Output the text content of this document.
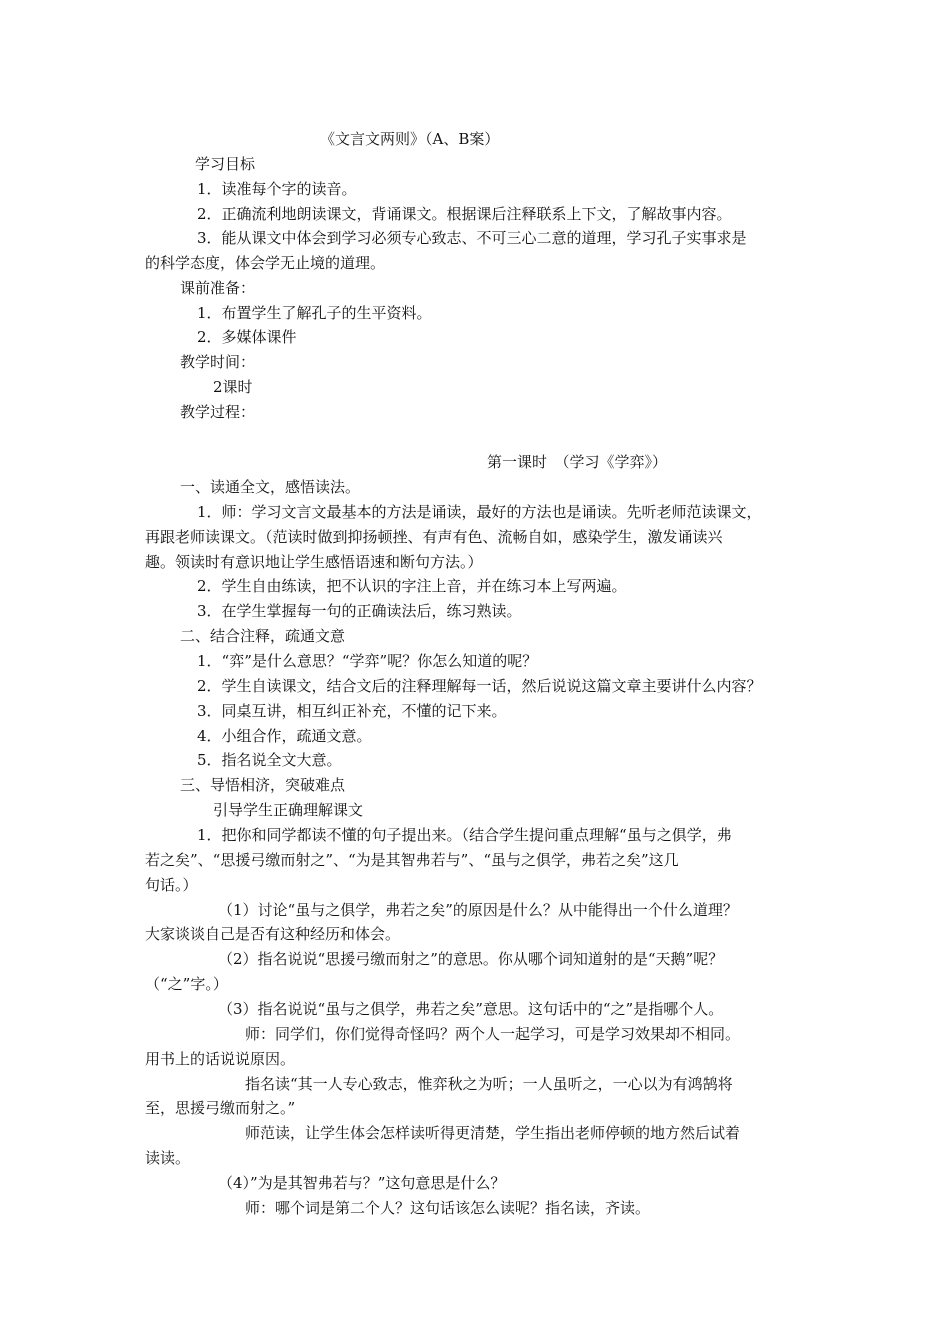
《文言文两则》（A、B案）
学习目标
1．读准每个字的读音。
2．正确流利地朗读课文，背诵课文。根据课后注释联系上下文，了解故事内容。
3．能从课文中体会到学习必须专心致志、不可三心二意的道理，学习孔子实事求是
的科学态度，体会学无止境的道理。
课前准备：
1．布置学生了解孔子的生平资料。
2．多媒体课件
教学时间：
2课时
教学过程：
第一课时　（学习《学弈》）
一、读通全文，感悟读法。
1．师：学习文言文最基本的方法是诵读，最好的方法也是诵读。先听老师范读课文，
再跟老师读课文。（范读时做到抑扬顿挫、有声有色、流畅自如，感染学生，激发诵读兴
趣。领读时有意识地让学生感悟语速和断句方法。）
2．学生自由练读，把不认识的字注上音，并在练习本上写两遍。
3．在学生掌握每一句的正确读法后，练习熟读。
二、结合注释，疏通文意
1．“弈”是什么意思？“学弈”呢？你怎么知道的呢？
2．学生自读课文，结合文后的注释理解每一话，然后说说这篇文章主要讲什么内容？
3．同桌互讲，相互纠正补充，不懂的记下来。
4．小组合作，疏通文意。
5．指名说全文大意。
三、导悟相济，突破难点
引导学生正确理解课文
1．把你和同学都读不懂的句子提出来。（结合学生提问重点理解“虽与之俱学，弗
若之矣”、“思援弓缴而射之”、“为是其智弗若与”、“虽与之俱学，弗若之矣”这几
句话。）
（1）讨论“虽与之俱学，弗若之矣”的原因是什么？从中能得出一个什么道理？
大家谈谈自己是否有这种经历和体会。
（2）指名说说“思援弓缴而射之”的意思。你从哪个词知道射的是“天鹅”呢？
（“之”字。）
（3）指名说说“虽与之俱学，弗若之矣”意思。这句话中的“之”是指哪个人。
师：同学们，你们觉得奇怪吗？两个人一起学习，可是学习效果却不相同。
用书上的话说说原因。
指名读“其一人专心致志，惟弈秋之为听；一人虽听之，一心以为有鸿鹄将
至，思援弓缴而射之。”
师范读，让学生体会怎样读听得更清楚，学生指出老师停顿的地方然后试着
读读。
（4）”为是其智弗若与？”这句意思是什么？
师：哪个词是第二个人？这句话该怎么读呢？指名读，齐读。
